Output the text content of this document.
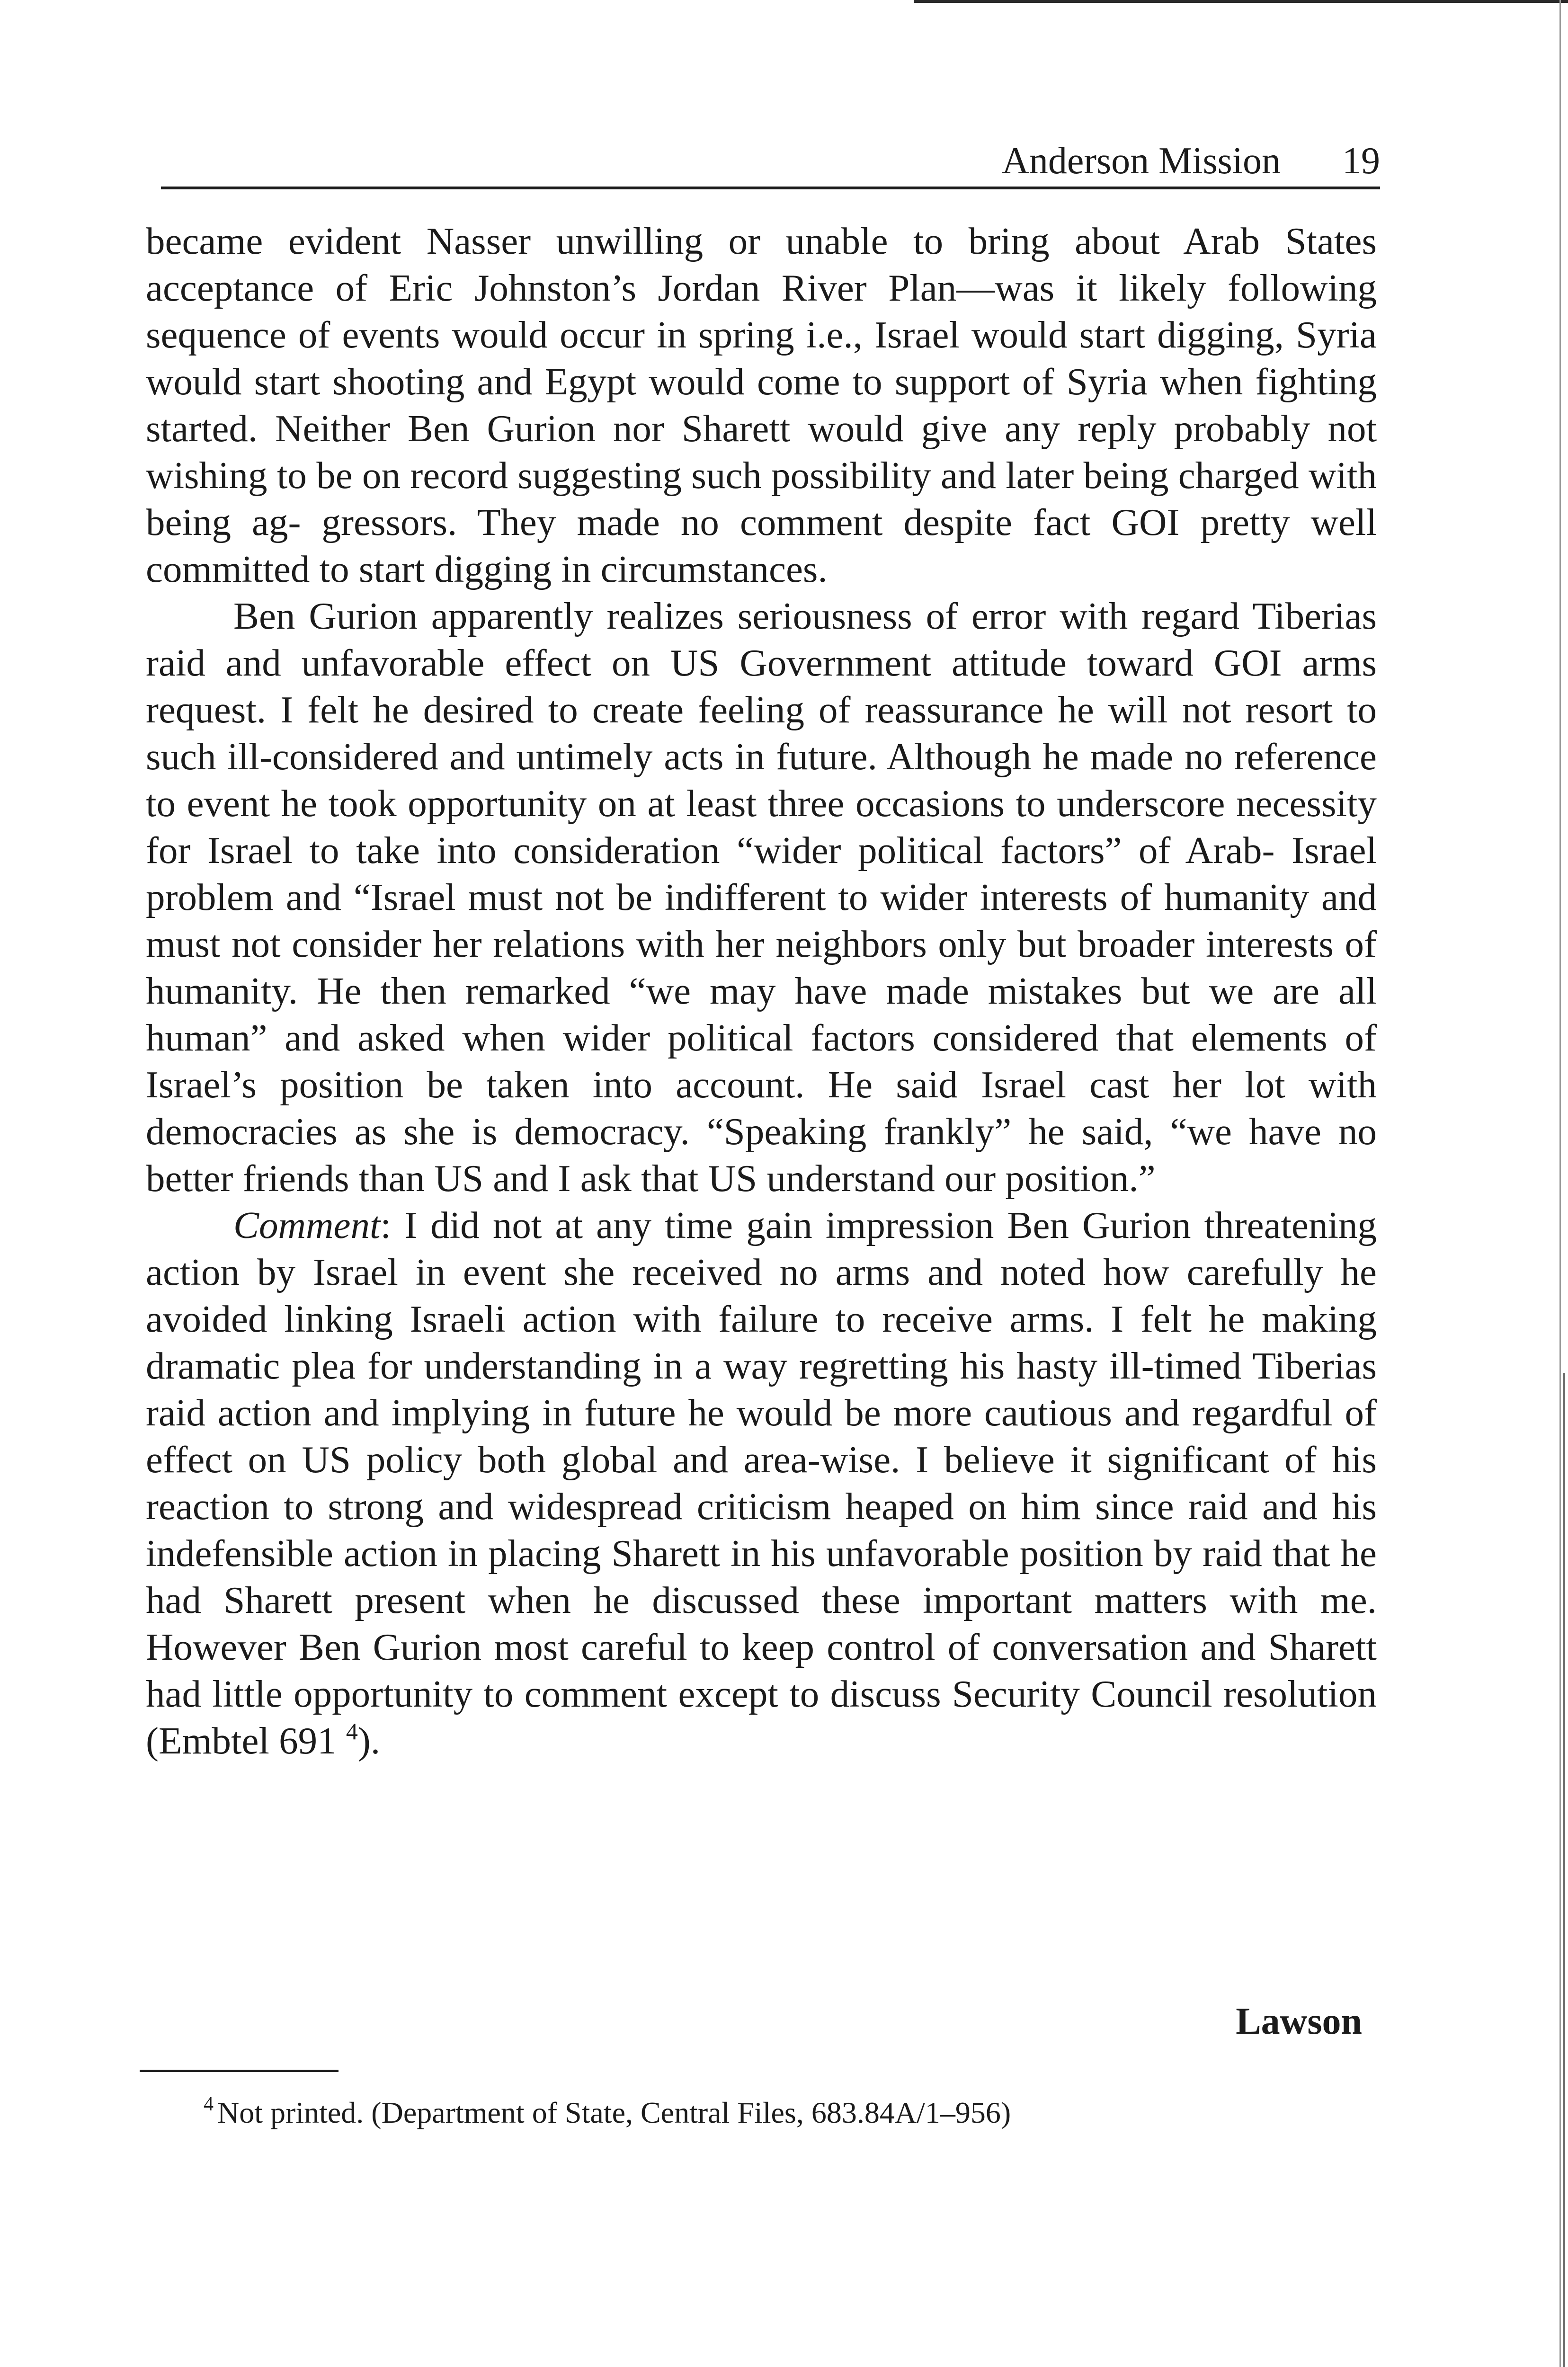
Anderson Mission 19

became evident Nasser unwilling or unable to bring about Arab States acceptance of Eric Johnston’s Jordan River Plan—was it likely following sequence of events would occur in spring i.e., Israel would start digging, Syria would start shooting and Egypt would come to support of Syria when fighting started. Neither Ben Gurion nor Sharett would give any reply probably not wishing to be on record suggesting such possibility and later being charged with being ag- gressors. They made no comment despite fact GOI pretty well committed to start digging in circumstances.

Ben Gurion apparently realizes seriousness of error with regard Tiberias raid and unfavorable effect on US Government attitude toward GOI arms request. I felt he desired to create feeling of reassurance he will not resort to such ill-considered and untimely acts in future. Although he made no reference to event he took opportunity on at least three occasions to underscore necessity for Israel to take into consideration “wider political factors” of Arab- Israel problem and “Israel must not be indifferent to wider interests of humanity and must not consider her relations with her neighbors only but broader interests of humanity. He then remarked “we may have made mistakes but we are all human” and asked when wider political factors considered that elements of Israel’s position be taken into account. He said Israel cast her lot with democracies as she is democracy. “Speaking frankly” he said, “we have no better friends than US and I ask that US understand our position.”

Comment: I did not at any time gain impression Ben Gurion threatening action by Israel in event she received no arms and noted how carefully he avoided linking Israeli action with failure to receive arms. I felt he making dramatic plea for understanding in a way regretting his hasty ill-timed Tiberias raid action and implying in future he would be more cautious and regardful of effect on US policy both global and area-wise. I believe it significant of his reaction to strong and widespread criticism heaped on him since raid and his indefensible action in placing Sharett in his unfavorable position by raid that he had Sharett present when he discussed these important matters with me. However Ben Gurion most careful to keep control of conversation and Sharett had little opportunity to comment except to discuss Security Council resolution (Embtel 691 $^4$).

Lawson
$^4$ Not printed. (Department of State, Central Files, 683.84A/1–956)
